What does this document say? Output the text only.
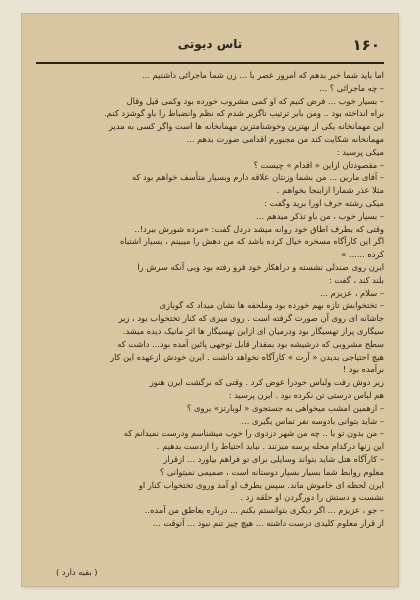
۱۶۰
تاس دیوتی

اما باید شما خبر بدهم که امروز عصر با ... زن شما ماجرائی داشتیم ...

– چه ماجرائی ؟ ...

– بسیار خوب ... فرض کنیم که او کمی مشروب خورده بود وکمی قیل وقال

براه انداخته بود .. ومن بابر ترتیب ناگزیر شدم که نظم وانضباط را باو گوشزد کنم.

این مهمانخانه یکی از بهترین وخوشنامترین مهمانخانه ها است واگر کسی به مدیر

مهمانخانه شکایت کند من مجبورم اقدامی صورت بدهم ...

میکی پرسید :

– مقصودتان ازاین « اقدام » چیست ؟

– آقای مارین ... من بشما وزنتان علاقه دارم وبسیار متأسف خواهم بود که

مثلا عذر شمارا ازاینجا بخواهم .

میکی رشته حرف اورا برید وگفت :

– بسیار خوب ، من باو تذکر میدهم ...

وقتی که بطرف اطاق خود روانه میشد دردل گفت: «مرده شورش ببرد!..

اگر این کارآگاه مسخره خیال کرده باشد که من دهش را میبینم ، بسیار اشتباه

کرده ...... »

ایرن روی صندلی نشسته و دراهکار خود فرو رفته بود وبی آنکه سرش را

بلند کند ، گفت :

– سلام ، عزیزم ...

– تختخوابش تازه بهم خورده بود وملحفه ها نشان میداد که گوبازی

جاشانه ای روی آن صورت گرفته است . روی میزی که کنار تختخواب بود ، زیر

سیگاری پراز تهسیگار بود ودرمیان ای ازاین تهسیگار ها اثر ماتیک دیده میشد.

سطح مشروبی که درشیشه بود بمقدار قابل توجهی پائین آمده بود... داشت که

هیچ احتیاجی بدیدن « آرت » کارآگاه نخواهد داشت . ایرن خودش ازعهده این کار

برآمده بود !

زیر دوش رفت ولباس خودرا عوض کرد . وقتی که برگشت ایرن هنوز

هم لباس درستی تن نکرده بود . ایرن پرسید :

– ازهمین امشب میخواهی به جستجوی « لوبارتز» بروی ؟

– شاید بتوانی بادوسه نفر تماس بگیری ...

– من بدون تو با .. چه من شهر دزدوی را خوب میشناسم ودرست نمیدانم که

این زنها درکدام محله پرسه میزنند . نباید احتیاط را ازدست بدهیم .

– کارآگاه هتل شاید بتواند وسایلی برای تو فراهم بیاورد ... ازقرار

معلوم روابط شما بسیار بسیار دوستانه است ، صمیمی نمیتوانی ؟

ایرن لحظه ای خاموش ماند. سپس بطرف او آمد وروی تختخواب کنار او

نشست و دستش را دورگردن او حلقه زد .

– جو ، عزیزم ... اگر دیگری بتوانستم بکنم ... درباره بعاطق من آمده..

از قرار معلوم کلیدی درست داشته ... هیچ چیز تنم نبود ... آتوقت ...

( بقیه دارد )
